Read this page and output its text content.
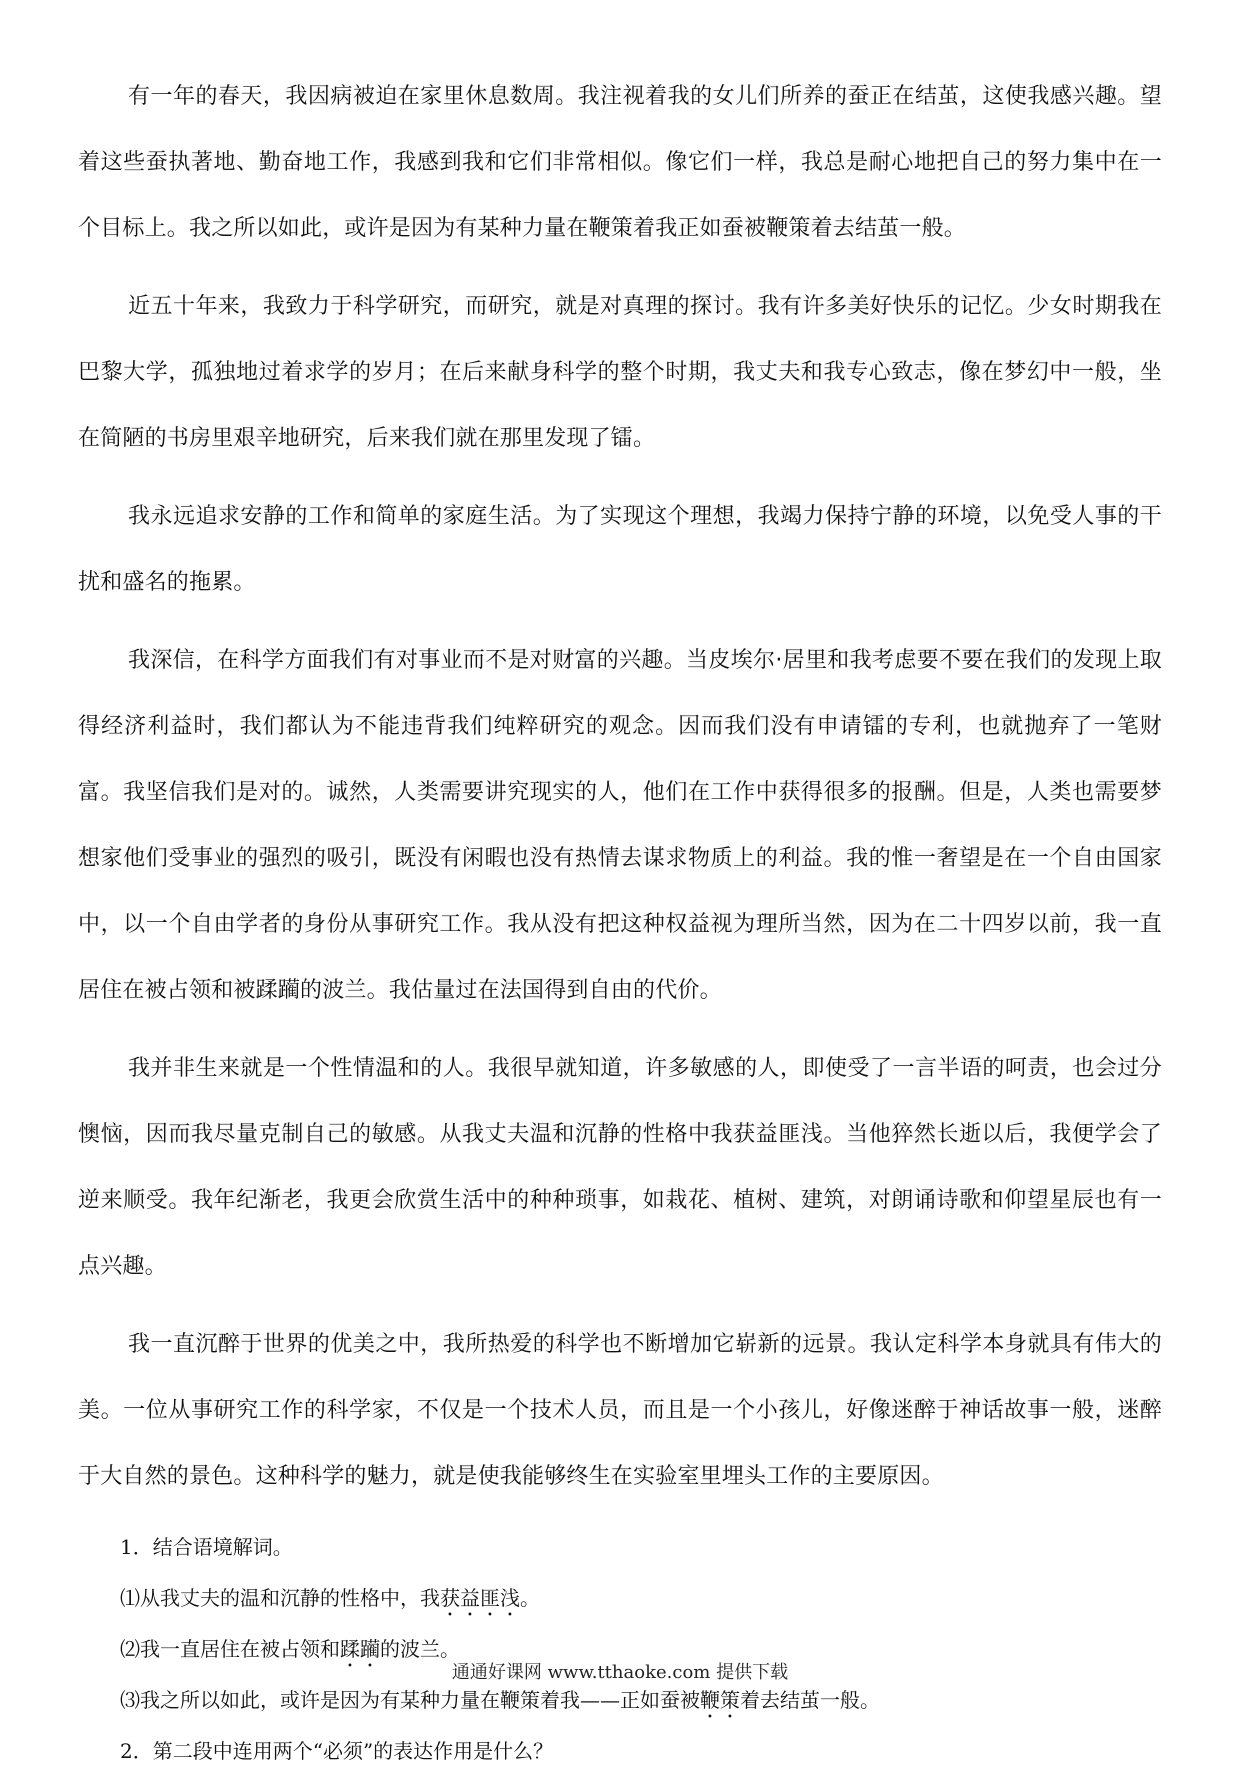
有一年的春天，我因病被迫在家里休息数周。我注视着我的女儿们所养的蚕正在结茧，这使我感兴趣。望着这些蚕执著地、勤奋地工作，我感到我和它们非常相似。像它们一样，我总是耐心地把自己的努力集中在一个目标上。我之所以如此，或许是因为有某种力量在鞭策着我正如蚕被鞭策着去结茧一般。

近五十年来，我致力于科学研究，而研究，就是对真理的探讨。我有许多美好快乐的记忆。少女时期我在巴黎大学，孤独地过着求学的岁月；在后来献身科学的整个时期，我丈夫和我专心致志，像在梦幻中一般，坐在简陋的书房里艰辛地研究，后来我们就在那里发现了镭。

我永远追求安静的工作和简单的家庭生活。为了实现这个理想，我竭力保持宁静的环境，以免受人事的干扰和盛名的拖累。

我深信，在科学方面我们有对事业而不是对财富的兴趣。当皮埃尔·居里和我考虑要不要在我们的发现上取得经济利益时，我们都认为不能违背我们纯粹研究的观念。因而我们没有申请镭的专利，也就抛弃了一笔财富。我坚信我们是对的。诚然，人类需要讲究现实的人，他们在工作中获得很多的报酬。但是，人类也需要梦想家他们受事业的强烈的吸引，既没有闲暇也没有热情去谋求物质上的利益。我的惟一奢望是在一个自由国家中，以一个自由学者的身份从事研究工作。我从没有把这种权益视为理所当然，因为在二十四岁以前，我一直居住在被占领和被蹂躏的波兰。我估量过在法国得到自由的代价。

我并非生来就是一个性情温和的人。我很早就知道，许多敏感的人，即使受了一言半语的呵责，也会过分懊恼，因而我尽量克制自己的敏感。从我丈夫温和沉静的性格中我获益匪浅。当他猝然长逝以后，我便学会了逆来顺受。我年纪渐老，我更会欣赏生活中的种种琐事，如栽花、植树、建筑，对朗诵诗歌和仰望星辰也有一点兴趣。

我一直沉醉于世界的优美之中，我所热爱的科学也不断增加它崭新的远景。我认定科学本身就具有伟大的美。一位从事研究工作的科学家，不仅是一个技术人员，而且是一个小孩儿，好像迷醉于神话故事一般，迷醉于大自然的景色。这种科学的魅力，就是使我能够终生在实验室里埋头工作的主要原因。

1．结合语境解词。

⑴从我丈夫的温和沉静的性格中，我获益匪浅。

⑵我一直居住在被占领和蹂躏的波兰。

⑶我之所以如此，或许是因为有某种力量在鞭策着我——正如蚕被鞭策着去结茧一般。

2．第二段中连用两个“必须”的表达作用是什么？

通通好课网 www.tthaoke.com 提供下载
